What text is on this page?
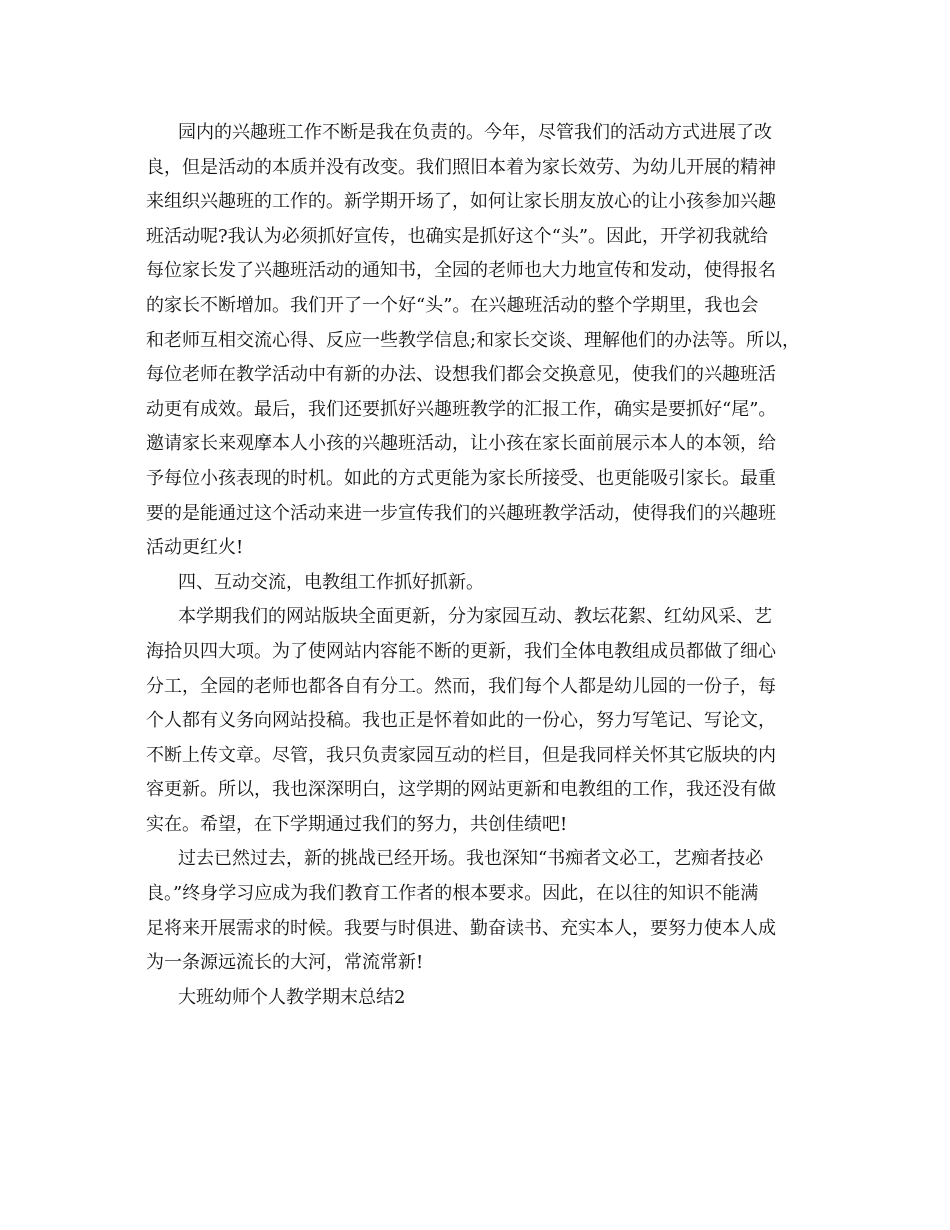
园内的兴趣班工作不断是我在负责的。今年，尽管我们的活动方式进展了改
良，但是活动的本质并没有改变。我们照旧本着为家长效劳、为幼儿开展的精神
来组织兴趣班的工作的。新学期开场了，如何让家长朋友放心的让小孩参加兴趣
班活动呢?我认为必须抓好宣传，也确实是抓好这个“头”。因此，开学初我就给
每位家长发了兴趣班活动的通知书，全园的老师也大力地宣传和发动，使得报名
的家长不断增加。我们开了一个好“头”。在兴趣班活动的整个学期里，我也会
和老师互相交流心得、反应一些教学信息;和家长交谈、理解他们的办法等。所以，
每位老师在教学活动中有新的办法、设想我们都会交换意见，使我们的兴趣班活
动更有成效。最后，我们还要抓好兴趣班教学的汇报工作，确实是要抓好“尾”。
邀请家长来观摩本人小孩的兴趣班活动，让小孩在家长面前展示本人的本领，给
予每位小孩表现的时机。如此的方式更能为家长所接受、也更能吸引家长。最重
要的是能通过这个活动来进一步宣传我们的兴趣班教学活动，使得我们的兴趣班
活动更红火!
四、互动交流，电教组工作抓好抓新。
本学期我们的网站版块全面更新，分为家园互动、教坛花絮、红幼风采、艺
海拾贝四大项。为了使网站内容能不断的更新，我们全体电教组成员都做了细心
分工，全园的老师也都各自有分工。然而，我们每个人都是幼儿园的一份子，每
个人都有义务向网站投稿。我也正是怀着如此的一份心，努力写笔记、写论文，
不断上传文章。尽管，我只负责家园互动的栏目，但是我同样关怀其它版块的内
容更新。所以，我也深深明白，这学期的网站更新和电教组的工作，我还没有做
实在。希望，在下学期通过我们的努力，共创佳绩吧!
过去已然过去，新的挑战已经开场。我也深知“书痴者文必工，艺痴者技必
良。”终身学习应成为我们教育工作者的根本要求。因此，在以往的知识不能满
足将来开展需求的时候。我要与时俱进、勤奋读书、充实本人，要努力使本人成
为一条源远流长的大河，常流常新!
大班幼师个人教学期末总结2
